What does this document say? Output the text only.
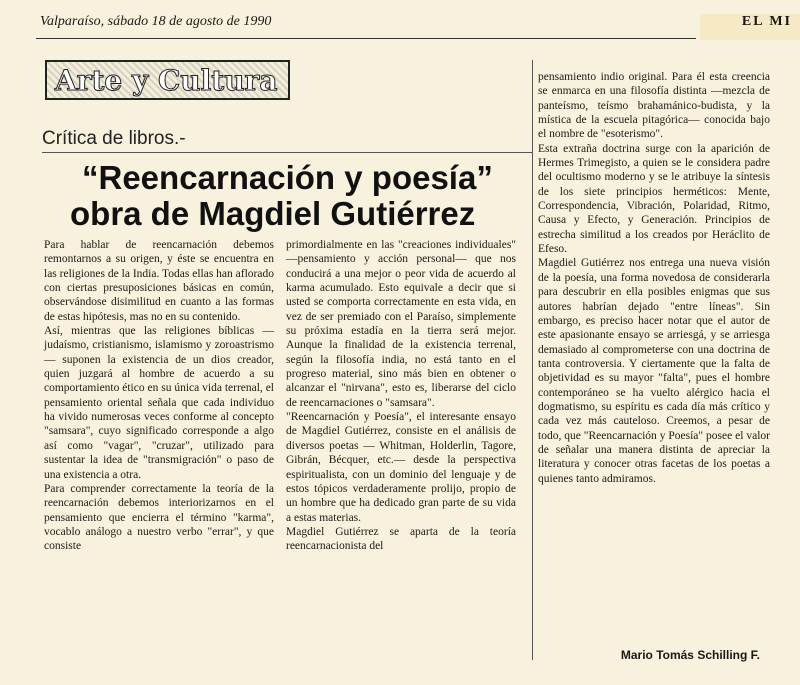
Valparaíso, sábado 18 de agosto de 1990	EL MI
Arte y Cultura
Crítica de libros.-
“Reencarnación y poesía”
obra de Magdiel Gutiérrez
Para hablar de reencarnación debemos remontarnos a su origen, y éste se encuentra en las religiones de la India. Todas ellas han aflorado con ciertas presuposiciones básicas en común, observándose disimilitud en cuanto a las formas de estas hipótesis, mas no en su contenido.
Así, mientras que las religiones bíblicas —judaísmo, cristianismo, islamismo y zoroastrismo— suponen la existencia de un dios creador, quien juzgará al hombre de acuerdo a su comportamiento ético en su única vida terrenal, el pensamiento oriental señala que cada individuo ha vivido numerosas veces conforme al concepto "samsara", cuyo significado corresponde a algo así como "vagar", "cruzar", utilizado para sustentar la idea de "transmigración" o paso de una existencia a otra.
Para comprender correctamente la teoría de la reencarnación debemos interiorizarnos en el pensamiento que encierra el término "karma", vocablo análogo a nuestro verbo "errar", y que consiste
primordialmente en las "creaciones individuales" —pensamiento y acción personal— que nos conducirá a una mejor o peor vida de acuerdo al karma acumulado. Esto equivale a decir que si usted se comporta correctamente en esta vida, en vez de ser premiado con el Paraíso, simplemente su próxima estadía en la tierra será mejor. Aunque la finalidad de la existencia terrenal, según la filosofía india, no está tanto en el progreso material, sino más bien en obtener o alcanzar el "nirvana", esto es, liberarse del ciclo de reencarnaciones o "samsara".
"Reencarnación y Poesía", el interesante ensayo de Magdiel Gutiérrez, consiste en el análisis de diversos poetas — Whitman, Holderlin, Tagore, Gibrán, Bécquer, etc.— desde la perspectiva espiritualista, con un dominio del lenguaje y de estos tópicos verdaderamente prolijo, propio de un hombre que ha dedicado gran parte de su vida a estas materias.
Magdiel Gutiérrez se aparta de la teoría reencarnacionista del
pensamiento indio original. Para él esta creencia se enmarca en una filosofía distinta —mezcla de panteísmo, teísmo brahamánico-budista, y la mística de la escuela pitagórica— conocida bajo el nombre de "esoterismo".
Esta extraña doctrina surge con la aparición de Hermes Trimegisto, a quien se le considera padre del ocultismo moderno y se le atribuye la síntesis de los siete principios herméticos: Mente, Correspondencia, Vibración, Polaridad, Ritmo, Causa y Efecto, y Generación. Principios de estrecha similitud a los creados por Heráclito de Efeso.
Magdiel Gutiérrez nos entrega una nueva visión de la poesía, una forma novedosa de considerarla para descubrir en ella posibles enigmas que sus autores habrían dejado "entre líneas". Sin embargo, es preciso hacer notar que el autor de este apasionante ensayo se arriesgá, y se arriesga demasiado al comprometerse con una doctrina de tanta controversia. Y ciertamente que la falta de objetividad es su mayor "falta", pues el hombre contemporáneo se ha vuelto alérgico hacia el dogmatismo, su espíritu es cada día más crítico y cada vez más cauteloso. Creemos, a pesar de todo, que "Reencarnación y Poesía" posee el valor de señalar una manera distinta de apreciar la literatura y conocer otras facetas de los poetas a quienes tanto admiramos.
Mario Tomás Schilling F.
